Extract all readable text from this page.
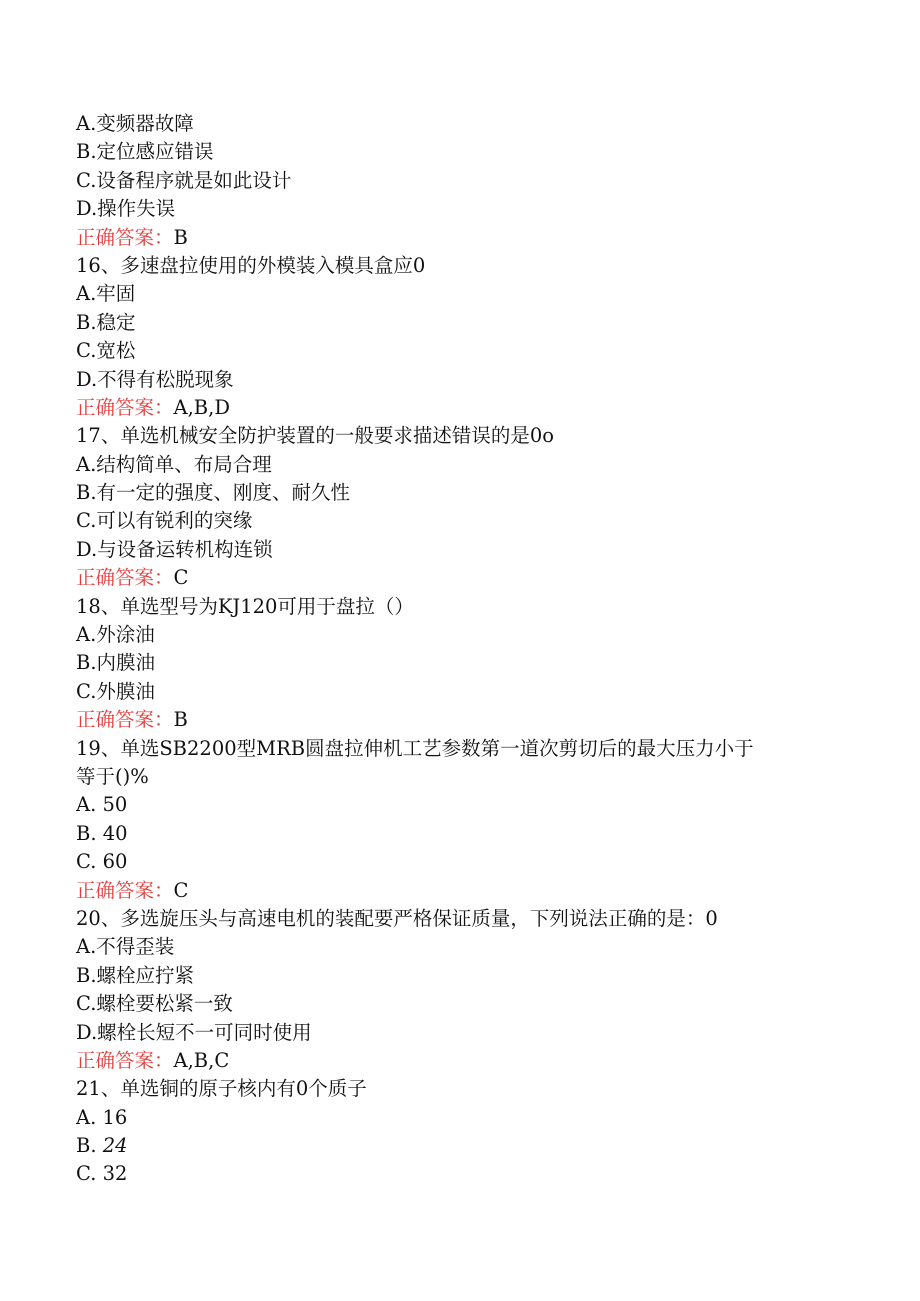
A.变频器故障
B.定位感应错误
C.设备程序就是如此设计
D.操作失误
正确答案：B
16、多速盘拉使用的外模装入模具盒应0
A.牢固
B.稳定
C.宽松
D.不得有松脱现象
正确答案：A,B,D
17、单选机械安全防护装置的一般要求描述错误的是0o
A.结构简单、布局合理
B.有一定的强度、刚度、耐久性
C.可以有锐利的突缘
D.与设备运转机构连锁
正确答案：C
18、单选型号为KJ120可用于盘拉（）
A.外涂油
B.内膜油
C.外膜油
正确答案：B
19、单选SB2200型MRB圆盘拉伸机工艺参数第一道次剪切后的最大压力小于
等于()%
A. 50
B. 40
C. 60
正确答案：C
20、多选旋压头与高速电机的装配要严格保证质量，下列说法正确的是：0
A.不得歪装
B.螺栓应拧紧
C.螺栓要松紧一致
D.螺栓长短不一可同时使用
正确答案：A,B,C
21、单选铜的原子核内有0个质子
A. 16
B. 24
C. 32
